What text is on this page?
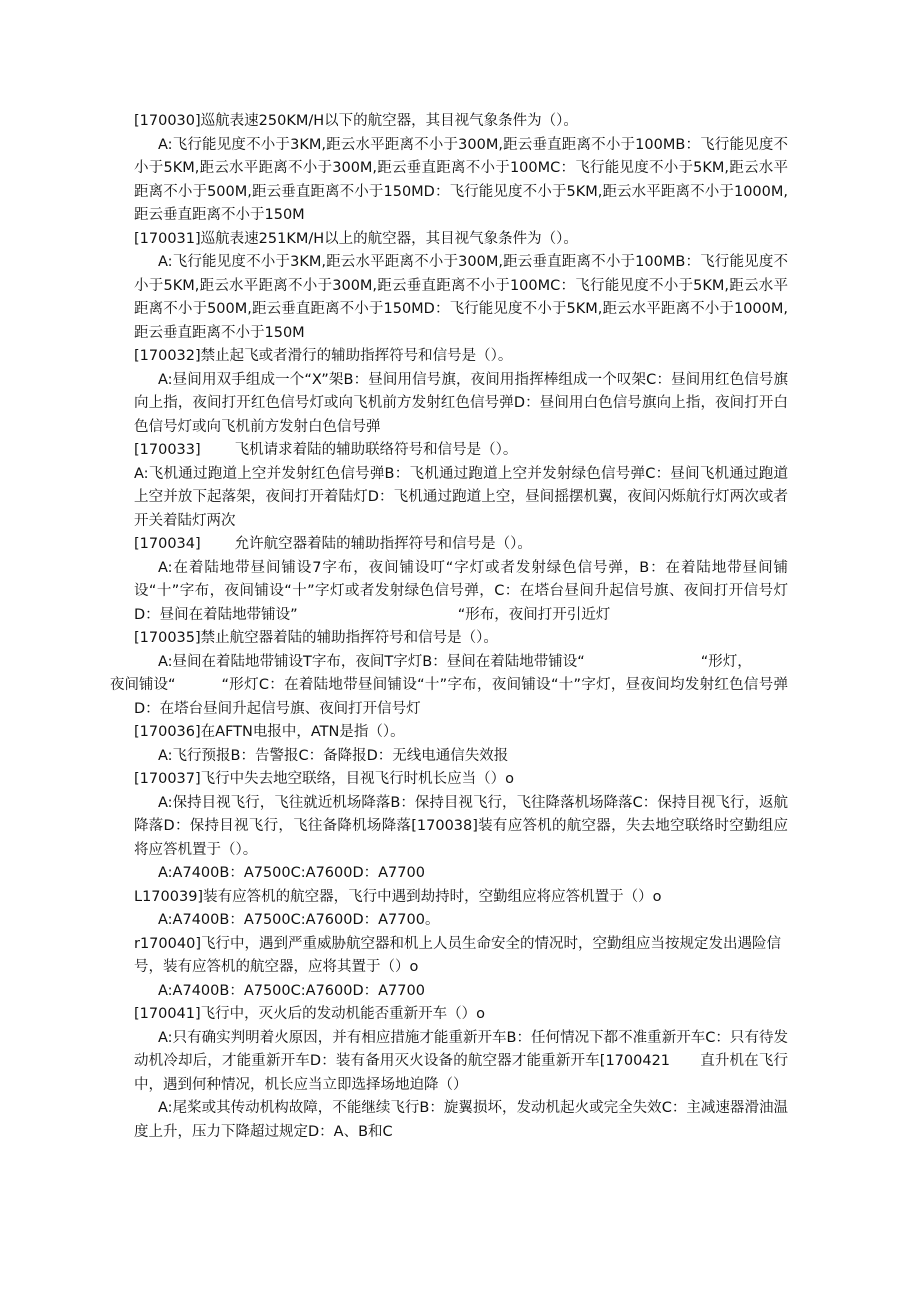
[170030]巡航表速250KM/H以下的航空器，其目视气象条件为（）。

A:飞行能见度不小于3KM,距云水平距离不小于300M,距云垂直距离不小于100MB：飞行能见度不小于5KM,距云水平距离不小于300M,距云垂直距离不小于100MC：飞行能见度不小于5KM,距云水平距离不小于500M,距云垂直距离不小于150MD：飞行能见度不小于5KM,距云水平距离不小于1000M,距云垂直距离不小于150M

[170031]巡航表速251KM/H以上的航空器，其目视气象条件为（）。

A:飞行能见度不小于3KM,距云水平距离不小于300M,距云垂直距离不小于100MB：飞行能见度不小于5KM,距云水平距离不小于300M,距云垂直距离不小于100MC：飞行能见度不小于5KM,距云水平距离不小于500M,距云垂直距离不小于150MD：飞行能见度不小于5KM,距云水平距离不小于1000M,距云垂直距离不小于150M

[170032]禁止起飞或者滑行的辅助指挥符号和信号是（）。

A:昼间用双手组成一个“X”架B：昼间用信号旗，夜间用指挥棒组成一个叹架C：昼间用红色信号旗向上指，夜间打开红色信号灯或向飞机前方发射红色信号弹D：昼间用白色信号旗向上指，夜间打开白色信号灯或向飞机前方发射白色信号弹

[170033] 飞机请求着陆的辅助联络符号和信号是（）。

A:飞机通过跑道上空并发射红色信号弹B：飞机通过跑道上空并发射绿色信号弹C：昼间飞机通过跑道上空并放下起落架，夜间打开着陆灯D：飞机通过跑道上空，昼间摇摆机翼，夜间闪烁航行灯两次或者开关着陆灯两次

[170034] 允许航空器着陆的辅助指挥符号和信号是（）。

A:在着陆地带昼间铺设7字布，夜间铺设叮“字灯或者发射绿色信号弹，B：在着陆地带昼间铺设“十”字布，夜间铺设“十”字灯或者发射绿色信号弹，C：在塔台昼间升起信号旗、夜间打开信号灯D：昼间在着陆地带铺设”	“形布，夜间打开引近灯

[170035]禁止航空器着陆的辅助指挥符号和信号是（）。

A:昼间在着陆地带铺设T字布，夜间T字灯B：昼间在着陆地带铺设“	“形灯，
夜间铺设“	“形灯C：在着陆地带昼间铺设“十”字布，夜间铺设“十”字灯，昼夜间均发射红色信号弹D：在塔台昼间升起信号旗、夜间打开信号灯

[170036]在AFTN电报中，ATN是指（）。

A:飞行预报B：告警报C：备降报D：无线电通信失效报

[170037]飞行中失去地空联络，目视飞行时机长应当（）o

A:保持目视飞行，飞往就近机场降落B：保持目视飞行，飞往降落机场降落C：保持目视飞行，返航降落D：保持目视飞行，飞往备降机场降落[170038]装有应答机的航空器，失去地空联络时空勤组应将应答机置于（）。

A:A7400B：A7500C:A7600D：A7700

L170039]装有应答机的航空器，飞行中遇到劫持时，空勤组应将应答机置于（）o

A:A7400B：A7500C:A7600D：A7700。

r170040]飞行中，遇到严重威胁航空器和机上人员生命安全的情况时，空勤组应当按规定发出遇险信号，装有应答机的航空器，应将其置于（）o

A:A7400B：A7500C:A7600D：A7700

[170041]飞行中，灭火后的发动机能否重新开车（）o

A:只有确实判明着火原因，并有相应措施才能重新开车B：任何情况下都不准重新开车C：只有待发动机冷却后，才能重新开车D：装有备用灭火设备的航空器才能重新开车[1700421 直升机在飞行中，遇到何种情况，机长应当立即选择场地迫降（）

A:尾桨或其传动机构故障，不能继续飞行B：旋翼损坏，发动机起火或完全失效C：主减速器滑油温度上升，压力下降超过规定D：A、B和C
